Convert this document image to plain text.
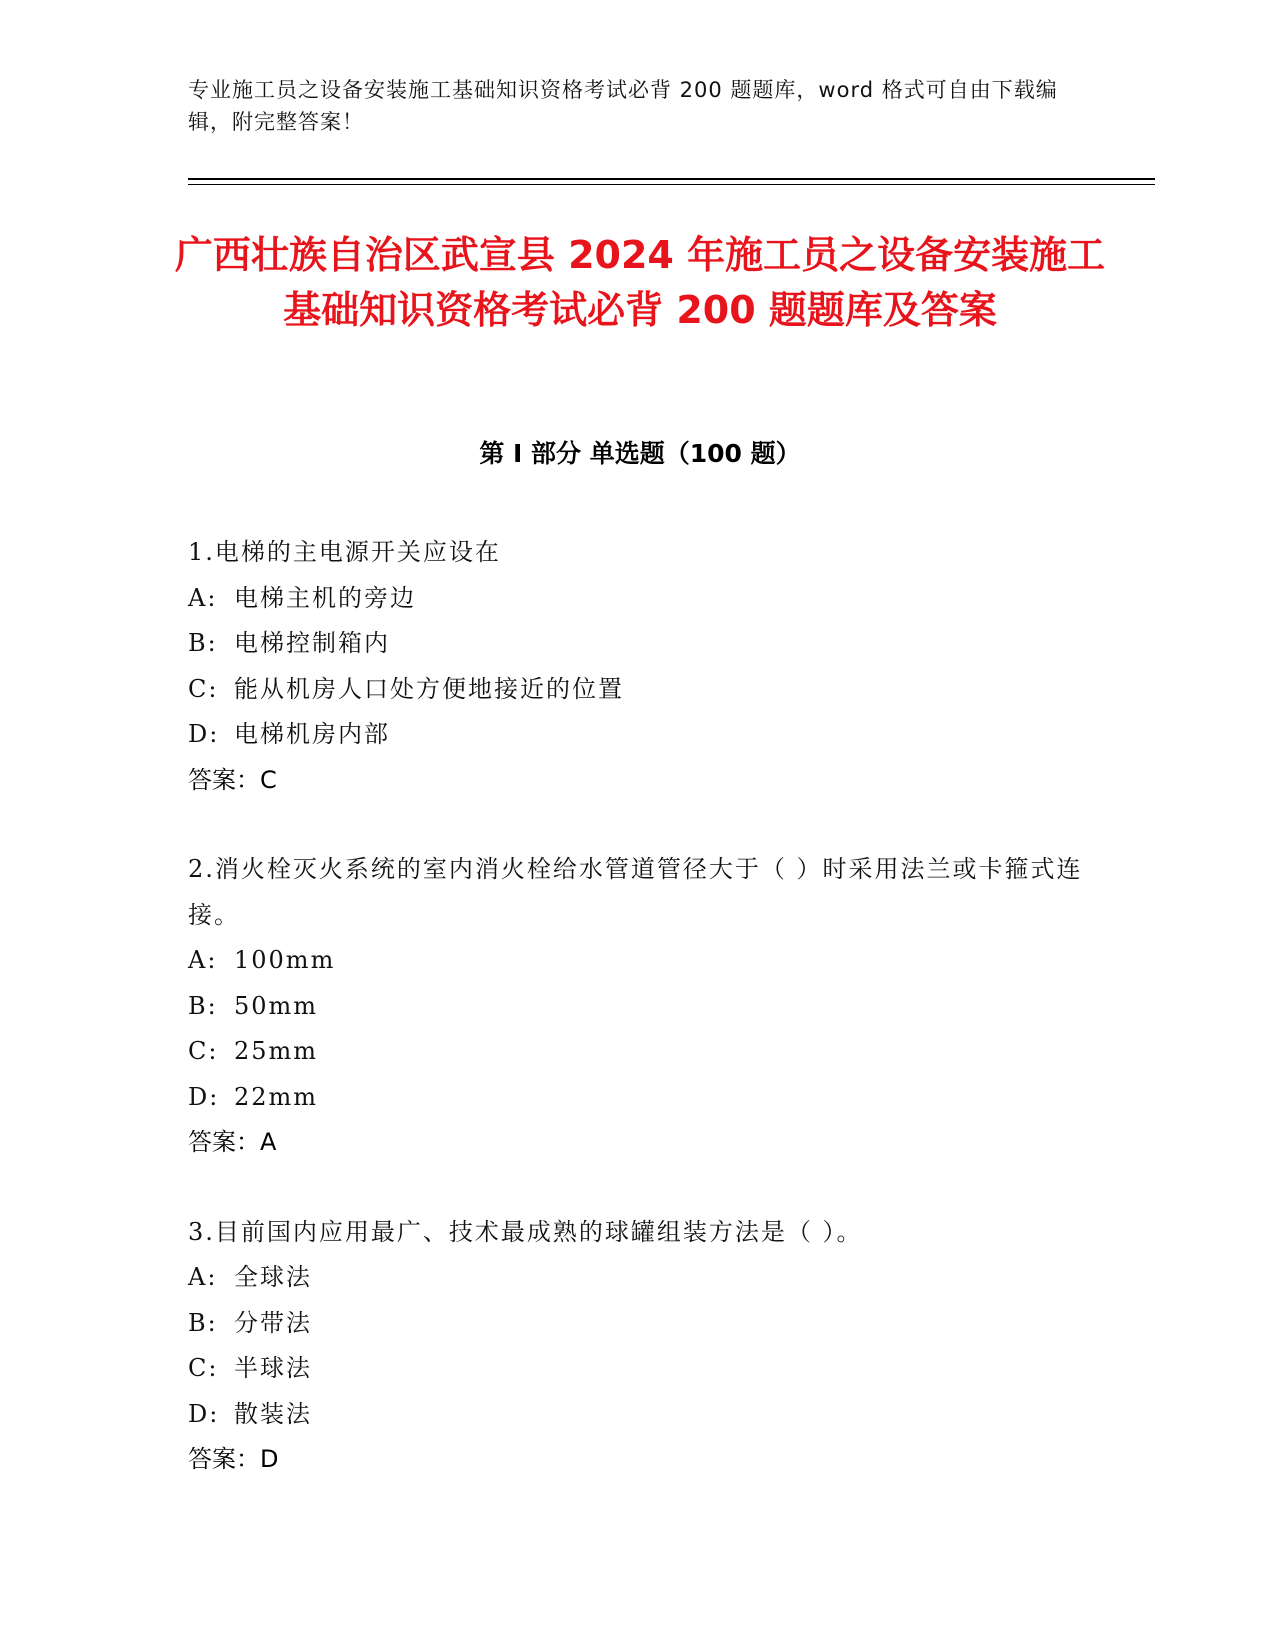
专业施工员之设备安装施工基础知识资格考试必背 200 题题库，word 格式可自由下载编辑，附完整答案！
广西壮族自治区武宣县 2024 年施工员之设备安装施工基础知识资格考试必背 200 题题库及答案
第 I 部分 单选题（100 题）
1.电梯的主电源开关应设在
A: 电梯主机的旁边
B: 电梯控制箱内
C: 能从机房人口处方便地接近的位置
D: 电梯机房内部
答案：C
2.消火栓灭火系统的室内消火栓给水管道管径大于（ ）时采用法兰或卡箍式连接。
A: 100mm
B: 50mm
C: 25mm
D: 22mm
答案：A
3.目前国内应用最广、技术最成熟的球罐组装方法是（ ）。
A: 全球法
B: 分带法
C: 半球法
D: 散装法
答案：D
